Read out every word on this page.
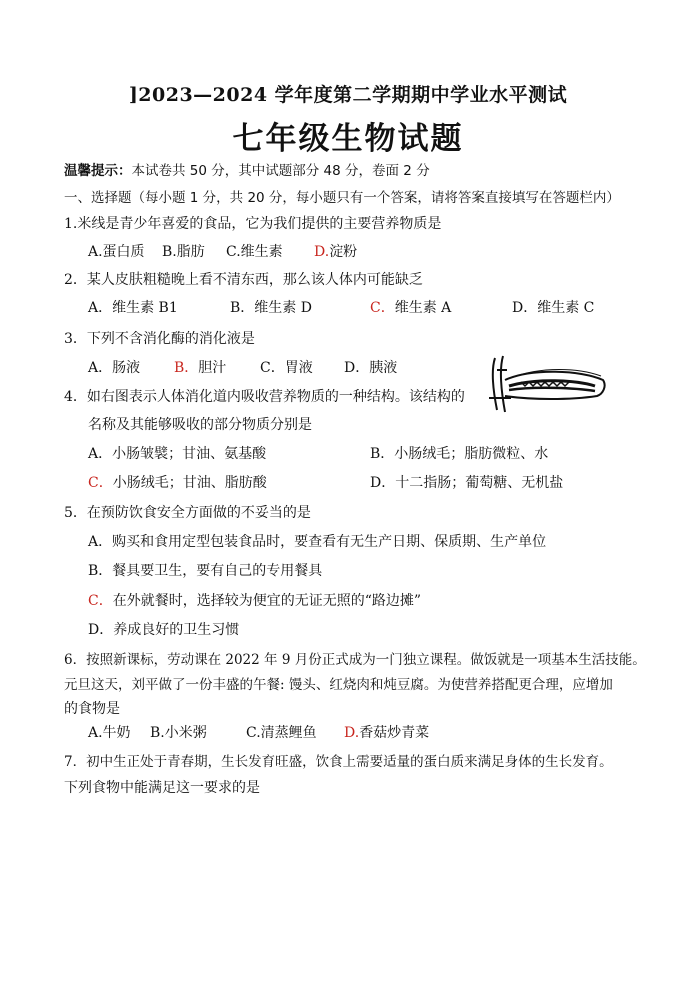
]2023—2024 学年度第二学期期中学业水平测试
七年级生物试题
温馨提示：本试卷共 50 分，其中试题部分 48 分，卷面 2 分
一、选择题（每小题 1 分，共 20 分，每小题只有一个答案，请将答案直接填写在答题栏内）
1.米线是青少年喜爱的食品，它为我们提供的主要营养物质是
A.蛋白质 B.脂肪 C.维生素 D.淀粉
2．某人皮肤粗糙晚上看不清东西，那么该人体内可能缺乏
A．维生素 B1	B．维生素 D	C．维生素 A	D．维生素 C
3．下列不含消化酶的消化液是
A．肠液 B．胆汁 C．胃液 D．胰液
4．如右图表示人体消化道内吸收营养物质的一种结构。该结构的
名称及其能够吸收的部分物质分别是
A．小肠皱襞；甘油、氨基酸	B．小肠绒毛；脂肪微粒、水
C．小肠绒毛；甘油、脂肪酸	D．十二指肠；葡萄糖、无机盐
5．在预防饮食安全方面做的不妥当的是
A．购买和食用定型包装食品时，要查看有无生产日期、保质期、生产单位
B．餐具要卫生，要有自己的专用餐具
C．在外就餐时，选择较为便宜的无证无照的“路边摊”
D．养成良好的卫生习惯
6．按照新课标，劳动课在 2022 年 9 月份正式成为一门独立课程。做饭就是一项基本生活技能。
元旦这天，刘平做了一份丰盛的午餐: 馒头、红烧肉和炖豆腐。为使营养搭配更合理，应增加
的食物是
A.牛奶 B.小米粥	C.清蒸鲤鱼 D.香菇炒青菜
7．初中生正处于青春期，生长发育旺盛，饮食上需要适量的蛋白质来满足身体的生长发育。
下列食物中能满足这一要求的是
